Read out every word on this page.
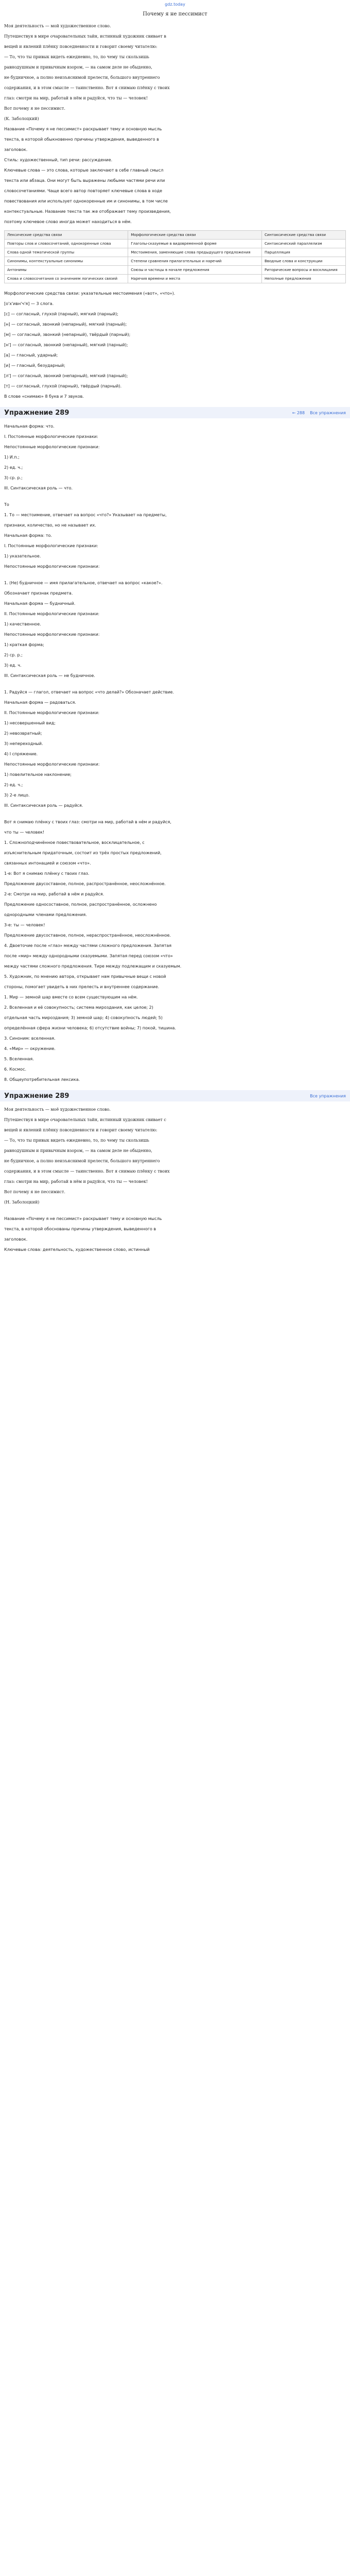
gdz.today
Почему я не пессимист
Моя деятельность — мой художественное слово.
Путешествуя в мире очаровательных тайн, истинный художник свивает в
вещей и явлений плёнку повседневности и говорит своему читателю:
— То, что ты привык видеть ежедневно, то, по чему ты скользишь
равнодушным и привычным взором, — на самом деле не обыденно,
не будничное, а полно неизъяснимой прелести, большого внутреннего
содержания, и в этом смысле — таинственно. Вот я снимаю плёнку с твоих
глаз: смотри на мир, работай в нём и радуйся, что ты — человек!
Вот почему я не пессимист.
(К. Заболоцкий)
Название «Почему я не пессимист» раскрывает тему и основную мысль
текста, в которой обыкновенно причины утверждения, выведенного в
заголовок.
Стиль: художественный, тип речи: рассуждение.
Ключевые слова — это слова, которые заключают в себе главный смысл
текста или абзаца. Они могут быть выражены любыми частями речи или
словосочетаниями. Чаще всего автор повторяет ключевые слова в ходе
повествования или использует однокоренные им и синонимы, в том числе
контекстуальные. Название текста так же отображает тему произведения,
поэтому ключевое слово иногда может находиться в нём.
Лексические средства связи	Морфологические средства связи	Синтаксические средства связи
Повторы слов и словосочетаний, однокоренные слова	Глаголы-сказуемые в видовременной форме	Синтаксический параллелизм
Слова одной тематической группы	Местоимения, заменяющие слова предыдущего предложения	Парцелляция
Синонимы, контекстуальные синонимы	Степени сравнения прилагательных и наречий	Вводные слова и конструкции
Антонимы	Союзы и частицы в начале предложения	Риторические вопросы и восклицания
Слова и словосочетания со значением логических связей	Наречия времени и места	Неполные предложения
Морфологические средства связи: указательные местоимения («вот», «что»).
[о'х'ивн'ч'я] — 3 слога.
[с] — согласный, глухой (парный), мягкий (парный);
[н] — согласный, звонкий (непарный), мягкий (парный);
[м] — согласный, звонкий (непарный), твёрдый (парный);
[н'] — согласный, звонкий (непарный), мягкий (парный);
[а] — гласный, ударный;
[и] — гласный, безударный;
[л'] — согласный, звонкий (непарный), мягкий (парный);
[т] — согласный, глухой (парный), твёрдый (парный).
В слове «снимаю» 8 букв и 7 звуков.
Упражнение 289	← 288 Все упражнения
Начальная форма: что.
I. Постоянные морфологические признаки:
Непостоянные морфологические признаки:
1) И.п.;
2) ед. ч.;
3) ср. р.;
III. Синтаксическая роль — что.
То
1. То — местоимение, отвечает на вопрос «что?» Указывает на предметы,
признаки, количество, но не называет их.
Начальная форма: то.
I. Постоянные морфологические признаки:
1) указательное.
Непостоянные морфологические признаки:
1. (Не) будничное — имя прилагательное, отвечает на вопрос «какое?».
Обозначает признак предмета.
Начальная форма — будничный.
II. Постоянные морфологические признаки:
1) качественное.
Непостоянные морфологические признаки:
1) краткая форма;
2) ср. р.;
3) ед. ч.
III. Синтаксическая роль — не будничное.
1. Радуйся — глагол, отвечает на вопрос «что делай?» Обозначает действие.
Начальная форма — радоваться.
II. Постоянные морфологические признаки:
1) несовершенный вид;
2) невозвратный;
3) непереходный.
4) I спряжение.
Непостоянные морфологические признаки:
1) повелительное наклонение;
2) ед. ч.;
3) 2-е лицо.
III. Синтаксическая роль — радуйся.
Вот я снимаю плёнку с твоих глаз: смотри на мир, работай в нём и радуйся,
что ты — человек!
1. Сложноподчинённое повествовательное, восклицательное, с
изъяснительным придаточным, состоит из трёх простых предложений,
связанных интонацией и союзом «что».
1-е: Вот я снимаю плёнку с твоих глаз.
Предложение двусоставное, полное, распространённое, неосложнённое.
2-е: Смотри на мир, работай в нём и радуйся.
Предложение односоставное, полное, распространённое, осложнено
однородными членами предложения.
3-е: ты — человек!
Предложение двусоставное, полное, нераспространённое, неосложнённое.
4. Двоеточие после «глаз» между частями сложного предложения. Запятая
после «мир» между однородными сказуемыми. Запятая перед союзом «что»
между частями сложного предложения. Тире между подлежащим и сказуемым.
5. Художник, по мнению автора, открывает нам привычные вещи с новой
стороны, помогает увидеть в них прелесть и внутреннее содержание.
1. Мир — земной шар вместе со всем существующим на нём.
2. Вселенная и её совокупность; система мироздания, как целое; 2)
отдельная часть мироздания; 3) земной шар; 4) совокупность людей; 5)
определённая сфера жизни человека; 6) отсутствие войны; 7) покой, тишина.
3. Синоним: вселенная.
4. «Мир» — окружение.
5. Вселенная.
6. Космос.
8. Общеупотребительная лексика.
Упражнение 289	Все упражнения
Моя деятельность — моё художественное слово.
Путешествуя в мире очаровательных тайн, истинный художник свивает с
вещей и явлений плёнку повседневности и говорит своему читателю:
— То, что ты привык видеть ежедневно, то, по чему ты скользишь
равнодушным и привычным взором, — на самом деле не обыденно,
не будничное, а полно неизъяснимой прелести, большого внутреннего
содержания, и в этом смысле — таинственно. Вот я снимаю плёнку с твоих
глаз: смотри на мир, работай в нём и радуйся, что ты — человек!
Вот почему я не пессимист.
(Н. Заболоцкий)
Название «Почему я не пессимист» раскрывает тему и основную мысль
текста, в которой обоснованы причины утверждения, выведенного в
заголовок.
Ключевые слова: деятельность, художественное слово, истинный
